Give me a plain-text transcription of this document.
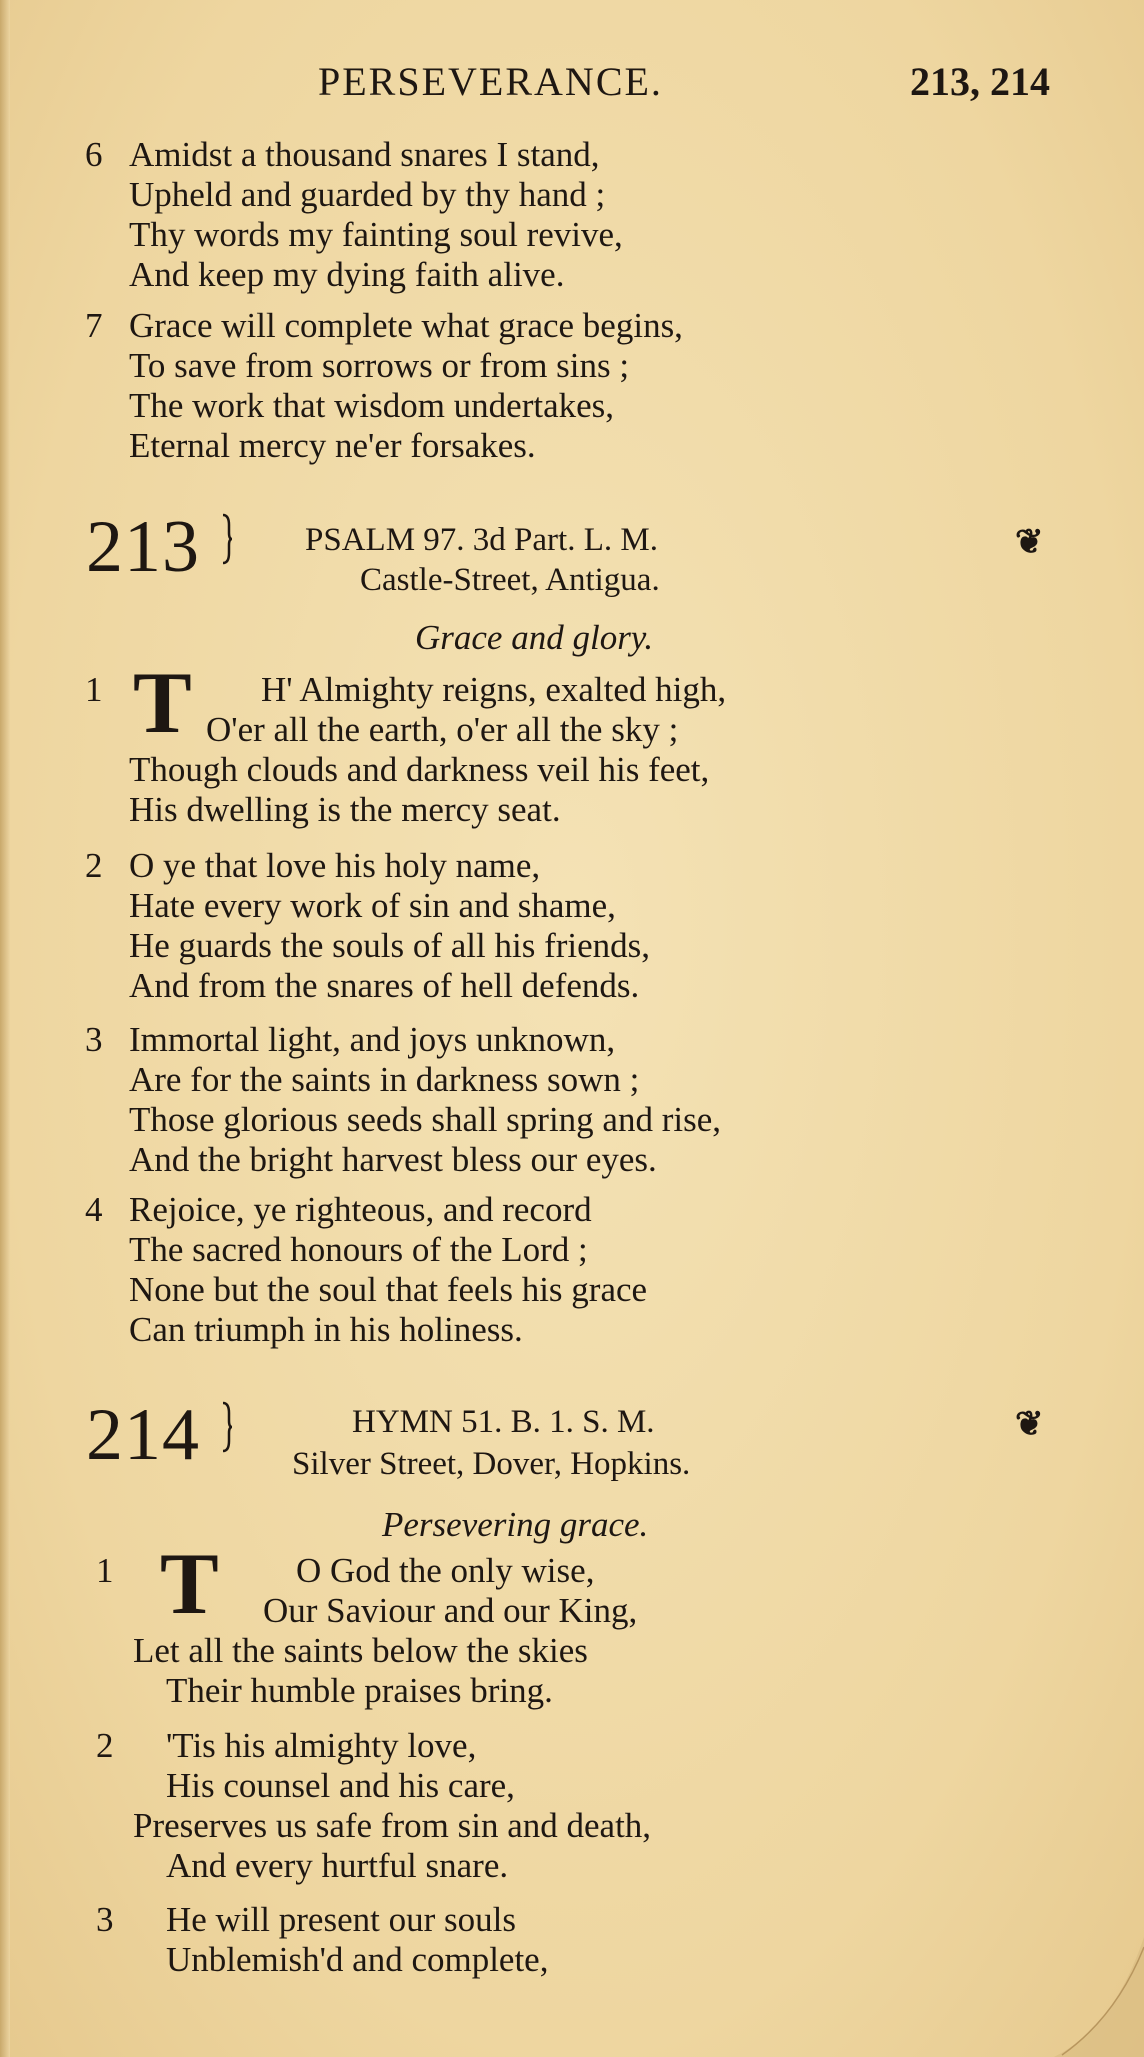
PERSEVERANCE.	213, 214
6 Amidst a thousand snares I stand,
Upheld and guarded by thy hand ;
Thy words my fainting soul revive,
And keep my dying faith alive.
7 Grace will complete what grace begins,
To save from sorrows or from sins ;
The work that wisdom undertakes,
Eternal mercy ne'er forsakes.
213	PSALM 97. 3d Part. L. M.
Castle-Street, Antigua.
❦
Grace and glory.
T
1	H' Almighty reigns, exalted high,
O'er all the earth, o'er all the sky ;
Though clouds and darkness veil his feet,
His dwelling is the mercy seat.
2 O ye that love his holy name,
Hate every work of sin and shame,
He guards the souls of all his friends,
And from the snares of hell defends.
3 Immortal light, and joys unknown,
Are for the saints in darkness sown ;
Those glorious seeds shall spring and rise,
And the bright harvest bless our eyes.
4 Rejoice, ye righteous, and record
The sacred honours of the Lord ;
None but the soul that feels his grace
Can triumph in his holiness.
214	HYMN 51. B. 1. S. M.
Silver Street, Dover, Hopkins.
❦
Persevering grace.
T
1	O God the only wise,
Our Saviour and our King,
Let all the saints below the skies
Their humble praises bring.
2	'Tis his almighty love,
His counsel and his care,
Preserves us safe from sin and death,
And every hurtful snare.
3	He will present our souls
Unblemish'd and complete,
